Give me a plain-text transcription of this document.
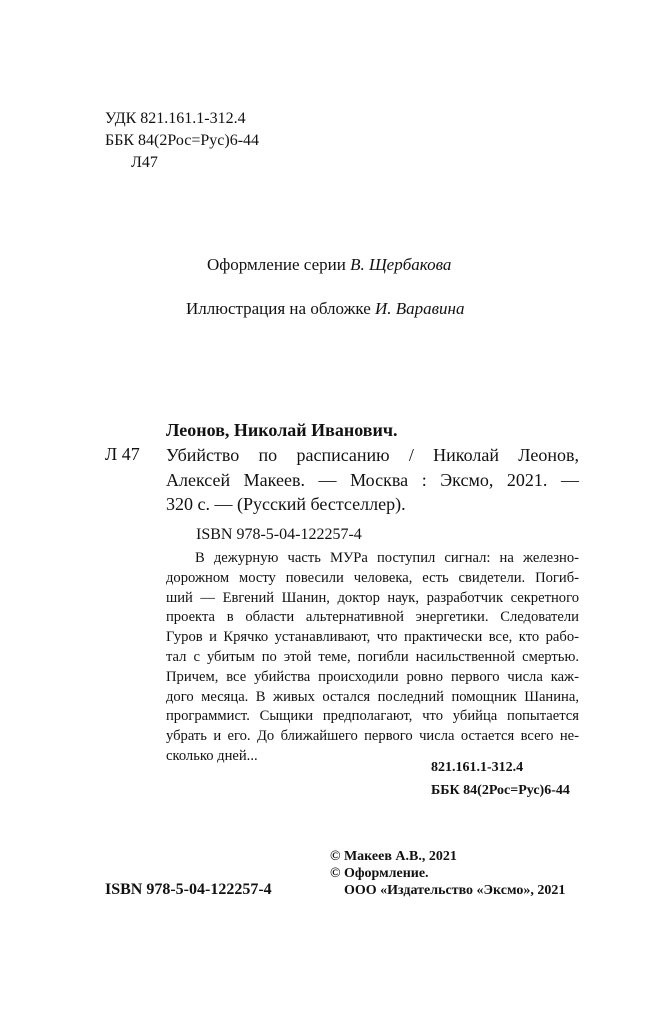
УДК 821.161.1-312.4
ББК 84(2Рос=Рус)6-44
Л47
Оформление серии В. Щербакова
Иллюстрация на обложке И. Варавина
Леонов, Николай Иванович.
Л 47 Убийство по расписанию / Николай Леонов,
Алексей Макеев. — Москва : Эксмо, 2021. —
320 с. — (Русский бестселлер).
ISBN 978-5-04-122257-4
В дежурную часть МУРа поступил сигнал: на железно-
дорожном мосту повесили человека, есть свидетели. Погиб-
ший — Евгений Шанин, доктор наук, разработчик секретного
проекта в области альтернативной энергетики. Следователи
Гуров и Крячко устанавливают, что практически все, кто рабо-
тал с убитым по этой теме, погибли насильственной смертью.
Причем, все убийства происходили ровно первого числа каж-
дого месяца. В живых остался последний помощник Шанина,
программист. Сыщики предполагают, что убийца попытается
убрать и его. До ближайшего первого числа остается всего не-
сколько дней...
821.161.1-312.4
ББК 84(2Рос=Рус)6-44
© Макеев А.В., 2021
© Оформление.
ISBN 978-5-04-122257-4	ООО «Издательство «Эксмо», 2021
